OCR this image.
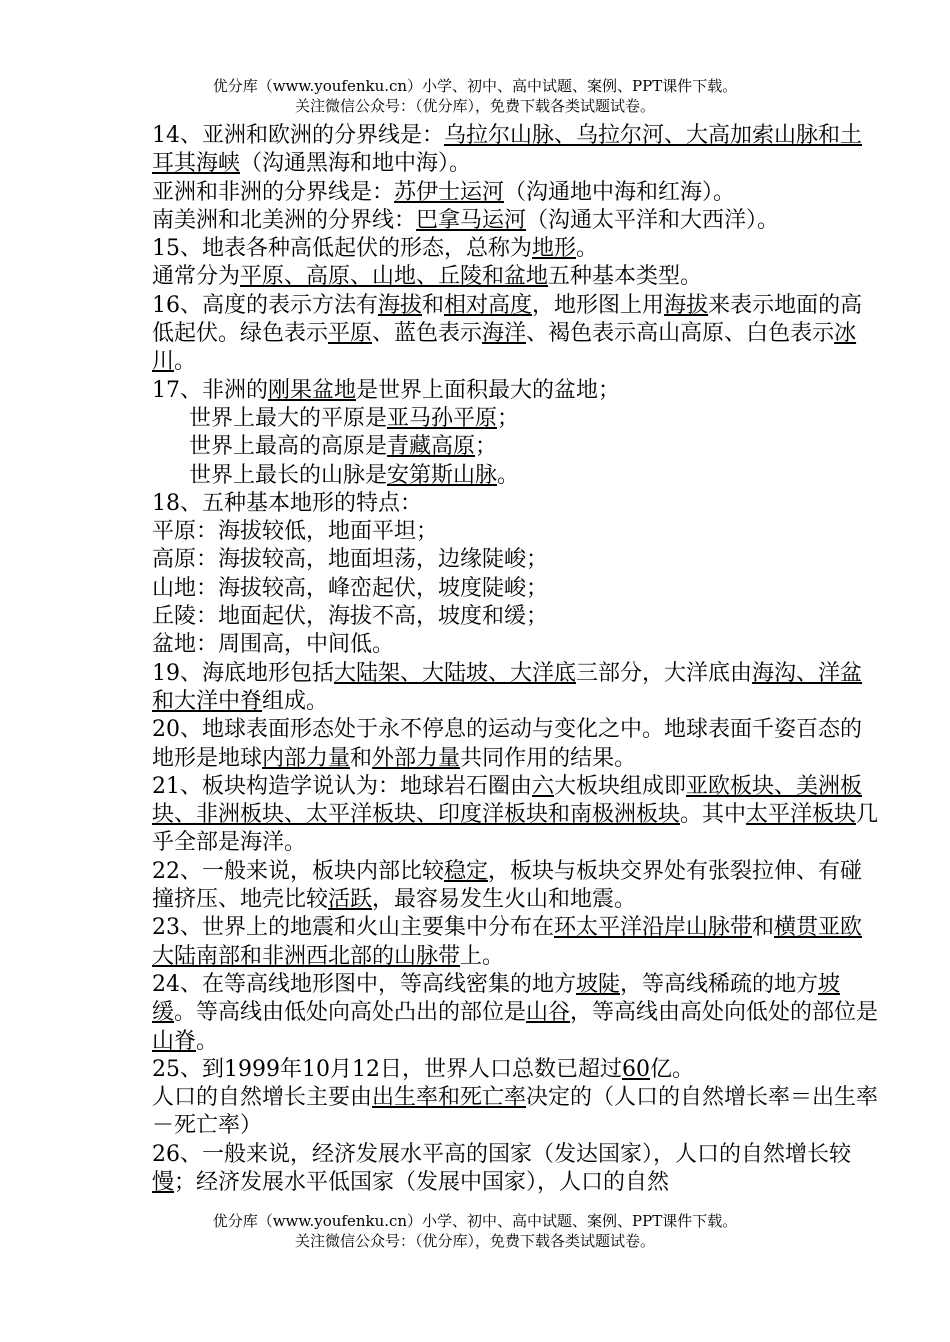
优分库（www.youfenku.cn）小学、初中、高中试题、案例、PPT课件下载。
关注微信公众号：（优分库），免费下载各类试题试卷。

14、亚洲和欧洲的分界线是：乌拉尔山脉、乌拉尔河、大高加索山脉和土耳其海峡（沟通黑海和地中海）。

亚洲和非洲的分界线是：苏伊士运河（沟通地中海和红海）。

南美洲和北美洲的分界线：巴拿马运河（沟通太平洋和大西洋）。

15、地表各种高低起伏的形态，总称为地形。

通常分为平原、高原、山地、丘陵和盆地五种基本类型。

16、高度的表示方法有海拔和相对高度，地形图上用海拔来表示地面的高低起伏。绿色表示平原、蓝色表示海洋、褐色表示高山高原、白色表示冰川。

17、非洲的刚果盆地是世界上面积最大的盆地；

世界上最大的平原是亚马孙平原；

世界上最高的高原是青藏高原；

世界上最长的山脉是安第斯山脉。

18、五种基本地形的特点：

平原：海拔较低，地面平坦；

高原：海拔较高，地面坦荡，边缘陡峻；

山地：海拔较高，峰峦起伏，坡度陡峻；

丘陵：地面起伏，海拔不高，坡度和缓；

盆地：周围高，中间低。

19、海底地形包括大陆架、大陆坡、大洋底三部分，大洋底由海沟、洋盆和大洋中脊组成。

20、地球表面形态处于永不停息的运动与变化之中。地球表面千姿百态的地形是地球内部力量和外部力量共同作用的结果。

21、板块构造学说认为：地球岩石圈由六大板块组成即亚欧板块、美洲板块、非洲板块、太平洋板块、印度洋板块和南极洲板块。其中太平洋板块几乎全部是海洋。

22、一般来说，板块内部比较稳定，板块与板块交界处有张裂拉伸、有碰撞挤压、地壳比较活跃，最容易发生火山和地震。

23、世界上的地震和火山主要集中分布在环太平洋沿岸山脉带和横贯亚欧大陆南部和非洲西北部的山脉带上。

24、在等高线地形图中，等高线密集的地方坡陡，等高线稀疏的地方坡缓。等高线由低处向高处凸出的部位是山谷，等高线由高处向低处的部位是山脊。

25、到1999年10月12日，世界人口总数已超过60亿。

人口的自然增长主要由出生率和死亡率决定的（人口的自然增长率＝出生率－死亡率）

26、一般来说，经济发展水平高的国家（发达国家），人口的自然增长较慢；经济发展水平低国家（发展中国家），人口的自然

优分库（www.youfenku.cn）小学、初中、高中试题、案例、PPT课件下载。
关注微信公众号：（优分库），免费下载各类试题试卷。
